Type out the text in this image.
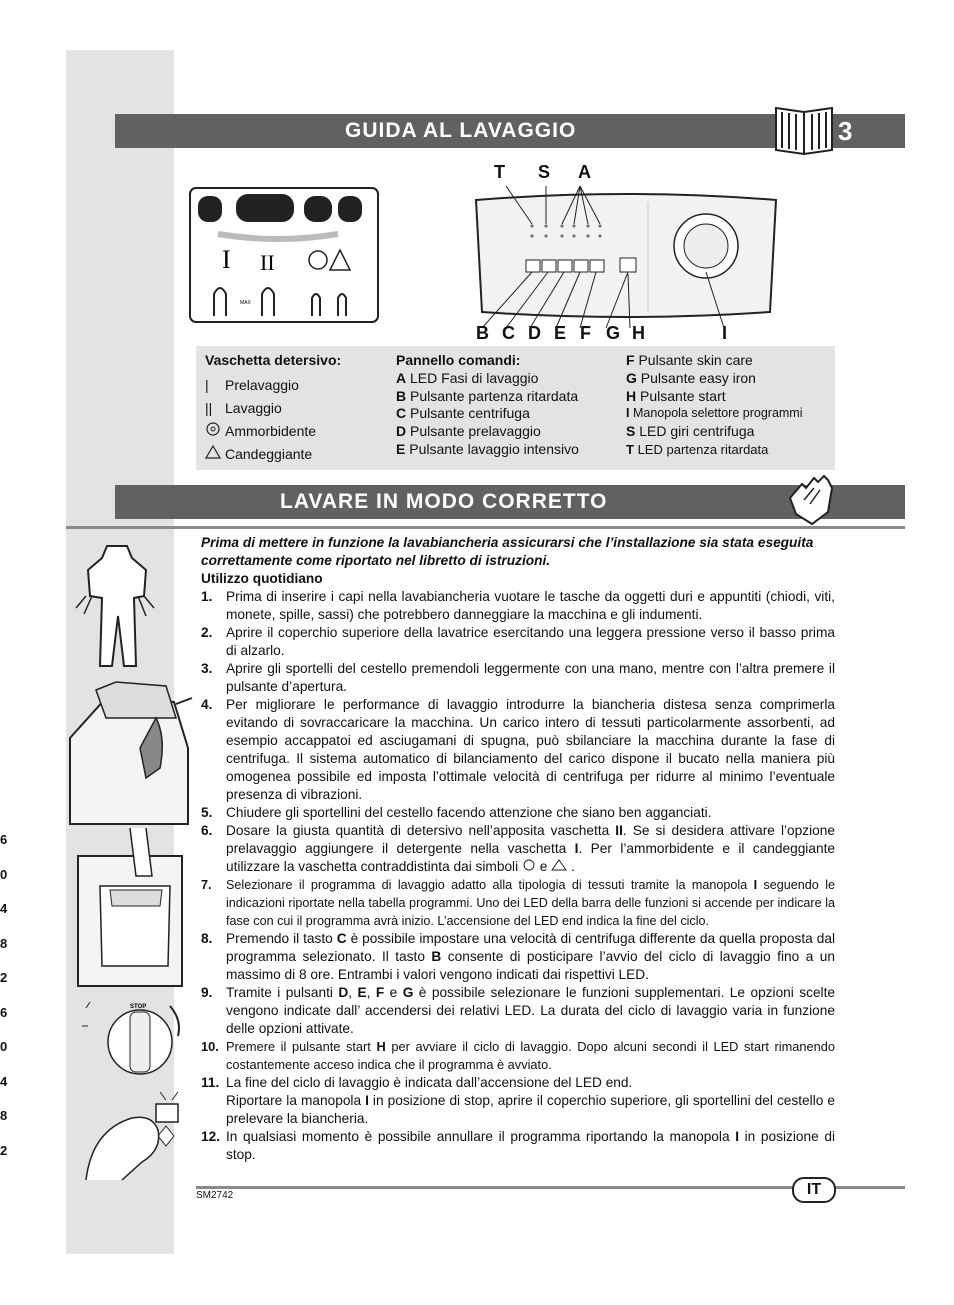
GUIDA AL LAVAGGIO	3
I II
MAX
T S A
B C D E F G H	I
Vaschetta detersivo:
| Prelavaggio
|| Lavaggio
Ammorbidente
Candeggiante
Pannello comandi:
A LED Fasi di lavaggio
B Pulsante partenza ritardata
C Pulsante centrifuga
D Pulsante prelavaggio
E Pulsante lavaggio intensivo
F Pulsante skin care
G Pulsante easy iron
H Pulsante start
I Manopola selettore programmi
S LED giri centrifuga
T LED partenza ritardata
LAVARE IN MODO CORRETTO
STOP

Prima di mettere in funzione la lavabiancheria assicurarsi che l’installazione sia stata eseguita correttamente come riportato nel libretto di istruzioni.

Utilizzo quotidiano

1. Prima di inserire i capi nella lavabiancheria vuotare le tasche da oggetti duri e appuntiti (chiodi, viti, monete, spille, sassi) che potrebbero danneggiare la macchina e gli indumenti.
2. Aprire il coperchio superiore della lavatrice esercitando una leggera pressione verso il basso prima di alzarlo.
3. Aprire gli sportelli del cestello premendoli leggermente con una mano, mentre con l’altra premere il pulsante d’apertura.
4. Per migliorare le performance di lavaggio introdurre la biancheria distesa senza comprimerla evitando di sovraccaricare la macchina. Un carico intero di tessuti particolarmente assorbenti, ad esempio accappatoi ed asciugamani di spugna, può sbilanciare la macchina durante la fase di centrifuga. Il sistema automatico di bilanciamento del carico dispone il bucato nella maniera più omogenea possibile ed imposta l’ottimale velocità di centrifuga per ridurre al minimo l’eventuale presenza di vibrazioni.
5. Chiudere gli sportellini del cestello facendo attenzione che siano ben agganciati.
6. Dosare la giusta quantità di detersivo nell’apposita vaschetta II. Se si desidera attivare l’opzione prelavaggio aggiungere il detergente nella vaschetta I. Per l’ammorbidente e il candeggiante utilizzare la vaschetta contraddistinta dai simboli  e  .
7. Selezionare il programma di lavaggio adatto alla tipologia di tessuti tramite la manopola I seguendo le indicazioni riportate nella tabella programmi. Uno dei LED della barra delle funzioni si accende per indicare la fase con cui il programma avrà inizio. L’accensione del LED end indica la fine del ciclo.
8. Premendo il tasto C è possibile impostare una velocità di centrifuga differente da quella proposta dal programma selezionato. Il tasto B consente di posticipare l’avvio del ciclo di lavaggio fino a un massimo di 8 ore. Entrambi i valori vengono indicati dai rispettivi LED.
9. Tramite i pulsanti D, E, F e G è possibile selezionare le funzioni supplementari. Le opzioni scelte vengono indicate dall’ accendersi dei relativi LED. La durata del ciclo di lavaggio varia in funzione delle opzioni attivate.
10. Premere il pulsante start H per avviare il ciclo di lavaggio. Dopo alcuni secondi il LED start rimanendo costantemente acceso indica che il programma è avviato.
11. La fine del ciclo di lavaggio è indicata dall’accensione del LED end.
Riportare la manopola I in posizione di stop, aprire il coperchio superiore, gli sportellini del cestello e prelevare la biancheria.
12. In qualsiasi momento è possibile annullare il programma riportando la manopola I in posizione di stop.
6
0
4
8
2
6
0
4
8
2
SM2742	IT
